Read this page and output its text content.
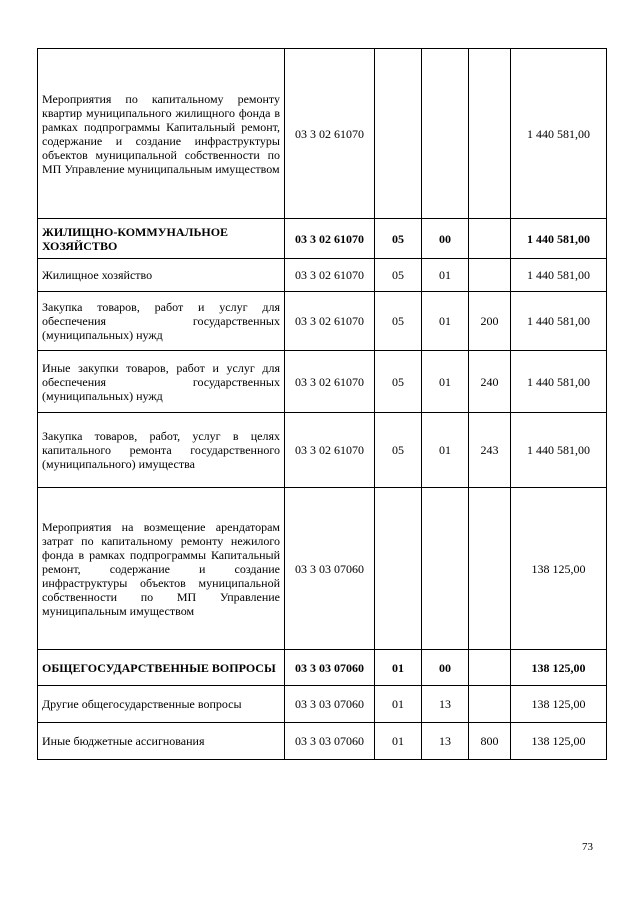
Мероприятия по капитальному ремонту квартир муниципального жилищного фонда в рамках подпрограммы Капитальный ремонт, содержание и создание инфраструктуры объектов муниципальной собственности по МП Управление муниципальным имуществом	03 3 02 61070				1 440 581,00
ЖИЛИЩНО-КОММУНАЛЬНОЕ ХОЗЯЙСТВО	03 3 02 61070	05	00		1 440 581,00
Жилищное хозяйство	03 3 02 61070	05	01		1 440 581,00
Закупка товаров, работ и услуг для обеспечения государственных (муниципальных) нужд	03 3 02 61070	05	01	200	1 440 581,00
Иные закупки товаров, работ и услуг для обеспечения государственных (муниципальных) нужд	03 3 02 61070	05	01	240	1 440 581,00
Закупка товаров, работ, услуг в целях капитального ремонта государственного (муниципального) имущества	03 3 02 61070	05	01	243	1 440 581,00
Мероприятия на возмещение арендаторам затрат по капитальному ремонту нежилого фонда в рамках подпрограммы Капитальный ремонт, содержание и создание инфраструктуры объектов муниципальной собственности по МП Управление муниципальным имуществом	03 3 03 07060				138 125,00
ОБЩЕГОСУДАРСТВЕННЫЕ ВОПРОСЫ	03 3 03 07060	01	00		138 125,00
Другие общегосударственные вопросы	03 3 03 07060	01	13		138 125,00
Иные бюджетные ассигнования	03 3 03 07060	01	13	800	138 125,00
73
